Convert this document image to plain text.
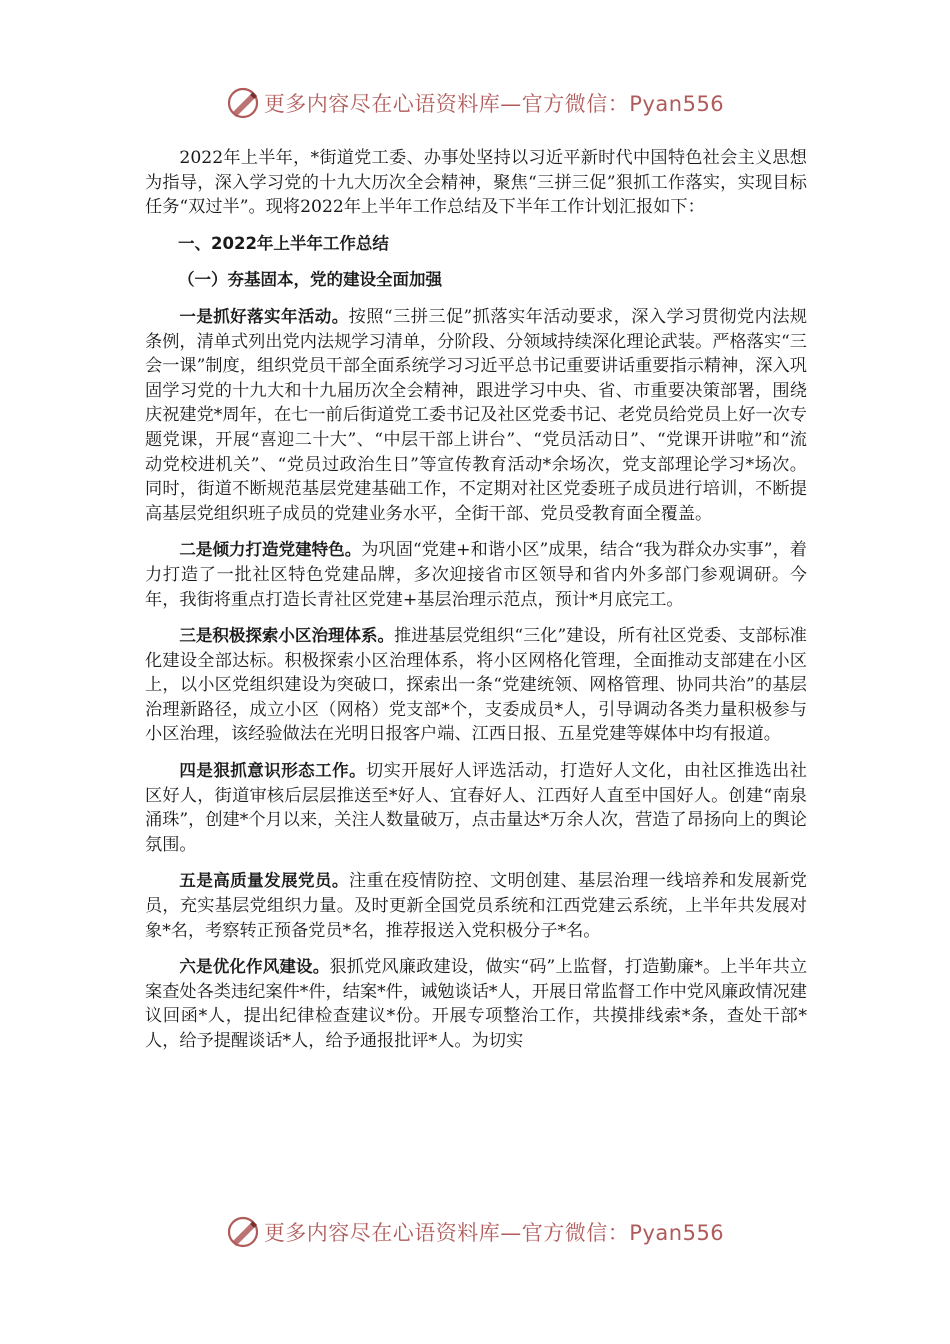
更多内容尽在心语资料库—官方微信：Pyan556

2022年上半年，*街道党工委、办事处坚持以习近平新时代中国特色社会主义思想为指导，深入学习党的十九大历次全会精神，聚焦“三拼三促”狠抓工作落实，实现目标任务“双过半”。现将2022年上半年工作总结及下半年工作计划汇报如下：

一、2022年上半年工作总结

（一）夯基固本，党的建设全面加强

一是抓好落实年活动。按照“三拼三促”抓落实年活动要求，深入学习贯彻党内法规条例，清单式列出党内法规学习清单，分阶段、分领域持续深化理论武装。严格落实“三会一课”制度，组织党员干部全面系统学习习近平总书记重要讲话重要指示精神，深入巩固学习党的十九大和十九届历次全会精神，跟进学习中央、省、市重要决策部署，围绕庆祝建党*周年，在七一前后街道党工委书记及社区党委书记、老党员给党员上好一次专题党课，开展“喜迎二十大”、“中层干部上讲台”、“党员活动日”、“党课开讲啦”和“流动党校进机关”、“党员过政治生日”等宣传教育活动*余场次，党支部理论学习*场次。同时，街道不断规范基层党建基础工作，不定期对社区党委班子成员进行培训，不断提高基层党组织班子成员的党建业务水平，全街干部、党员受教育面全覆盖。

二是倾力打造党建特色。为巩固“党建+和谐小区”成果，结合“我为群众办实事”，着力打造了一批社区特色党建品牌，多次迎接省市区领导和省内外多部门参观调研。今年，我街将重点打造长青社区党建+基层治理示范点，预计*月底完工。

三是积极探索小区治理体系。推进基层党组织“三化”建设，所有社区党委、支部标准化建设全部达标。积极探索小区治理体系，将小区网格化管理，全面推动支部建在小区上，以小区党组织建设为突破口，探索出一条“党建统领、网格管理、协同共治”的基层治理新路径，成立小区（网格）党支部*个，支委成员*人，引导调动各类力量积极参与小区治理，该经验做法在光明日报客户端、江西日报、五星党建等媒体中均有报道。

四是狠抓意识形态工作。切实开展好人评选活动，打造好人文化，由社区推选出社区好人，街道审核后层层推送至*好人、宜春好人、江西好人直至中国好人。创建“南泉涌珠”，创建*个月以来，关注人数量破万，点击量达*万余人次，营造了昂扬向上的舆论氛围。

五是高质量发展党员。注重在疫情防控、文明创建、基层治理一线培养和发展新党员，充实基层党组织力量。及时更新全国党员系统和江西党建云系统，上半年共发展对象*名，考察转正预备党员*名，推荐报送入党积极分子*名。

六是优化作风建设。狠抓党风廉政建设，做实“码”上监督，打造勤廉*。上半年共立案查处各类违纪案件*件，结案*件，诫勉谈话*人，开展日常监督工作中党风廉政情况建议回函*人，提出纪律检查建议*份。开展专项整治工作，共摸排线索*条，查处干部*人，给予提醒谈话*人，给予通报批评*人。为切实

更多内容尽在心语资料库—官方微信：Pyan556
